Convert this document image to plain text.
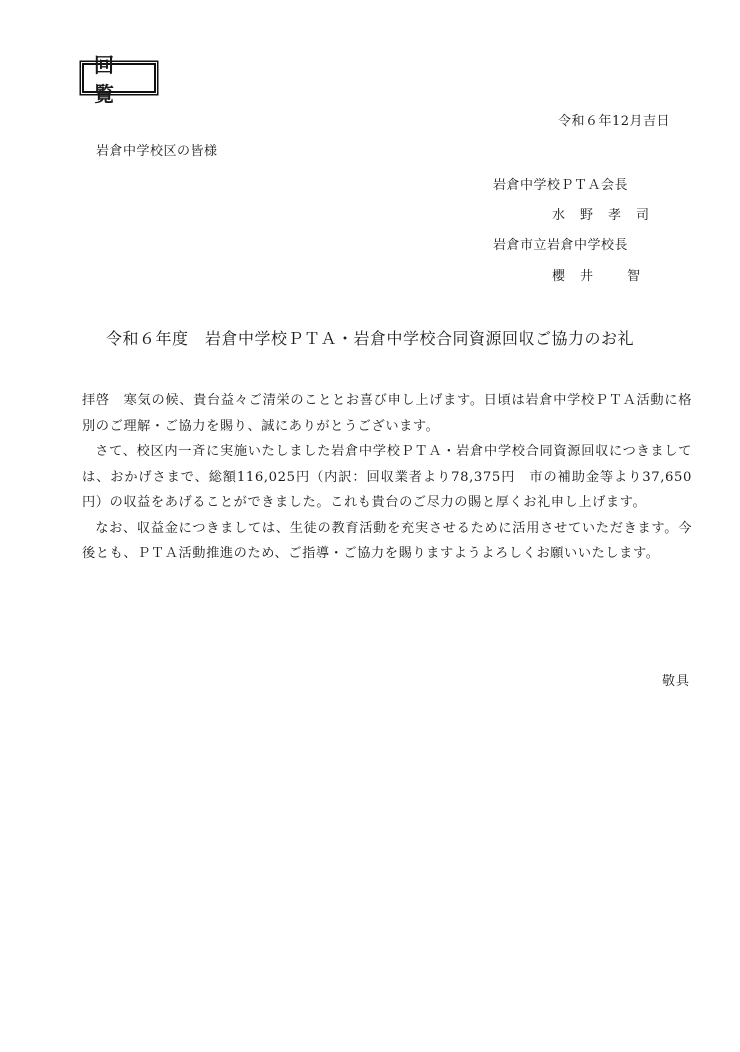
回 覧
令和６年12月吉日
岩倉中学校区の皆様
岩倉中学校ＰＴＡ会長
水野孝司
岩倉市立岩倉中学校長
櫻井 智
令和６年度　岩倉中学校ＰＴＡ・岩倉中学校合同資源回収ご協力のお礼

拝啓　寒気の候、貴台益々ご清栄のこととお喜び申し上げます。日頃は岩倉中学校ＰＴＡ活動に格別のご理解・ご協力を賜り、誠にありがとうございます。

さて、校区内一斉に実施いたしました岩倉中学校ＰＴＡ・岩倉中学校合同資源回収につきましては、おかげさまで、総額116,025円（内訳：回収業者より78,375円　市の補助金等より37,650円）の収益をあげることができました。これも貴台のご尽力の賜と厚くお礼申し上げます。

なお、収益金につきましては、生徒の教育活動を充実させるために活用させていただきます。今後とも、ＰＴＡ活動推進のため、ご指導・ご協力を賜りますようよろしくお願いいたします。

敬具
